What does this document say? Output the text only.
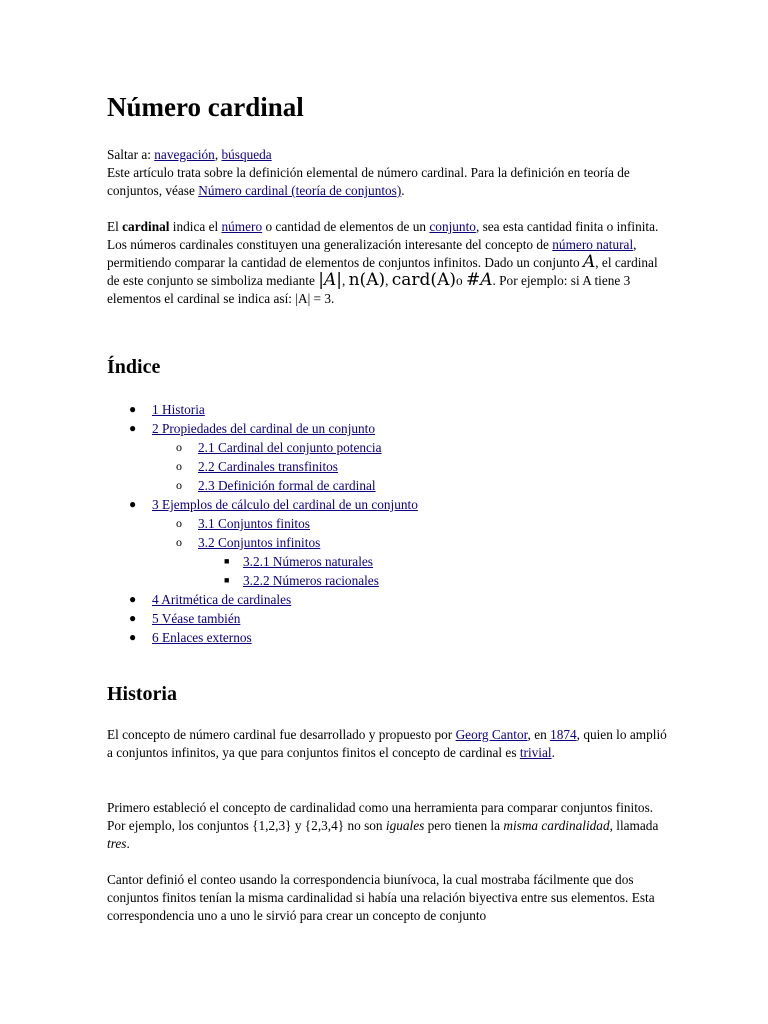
Número cardinal
Saltar a: navegación, búsqueda
Este artículo trata sobre la definición elemental de número cardinal. Para la definición en teoría de conjuntos, véase Número cardinal (teoría de conjuntos).
El cardinal indica el número o cantidad de elementos de un conjunto, sea esta cantidad finita o infinita. Los números cardinales constituyen una generalización interesante del concepto de número natural, permitiendo comparar la cantidad de elementos de conjuntos infinitos. Dado un conjunto A, el cardinal de este conjunto se simboliza mediante |A|, n(A), card(A)o #A. Por ejemplo: si A tiene 3 elementos el cardinal se indica así: |A| = 3.
Índice
● 1 Historia
● 2 Propiedades del cardinal de un conjunto
o 2.1 Cardinal del conjunto potencia
o 2.2 Cardinales transfinitos
o 2.3 Definición formal de cardinal
● 3 Ejemplos de cálculo del cardinal de un conjunto
o 3.1 Conjuntos finitos
o 3.2 Conjuntos infinitos
■ 3.2.1 Números naturales
■ 3.2.2 Números racionales
● 4 Aritmética de cardinales
● 5 Véase también
● 6 Enlaces externos
Historia
El concepto de número cardinal fue desarrollado y propuesto por Georg Cantor, en 1874, quien lo amplió a conjuntos infinitos, ya que para conjuntos finitos el concepto de cardinal es trivial.
Primero estableció el concepto de cardinalidad como una herramienta para comparar conjuntos finitos. Por ejemplo, los conjuntos {1,2,3} y {2,3,4} no son iguales pero tienen la misma cardinalidad, llamada tres.
Cantor definió el conteo usando la correspondencia biunívoca, la cual mostraba fácilmente que dos conjuntos finitos tenían la misma cardinalidad si había una relación biyectiva entre sus elementos. Esta correspondencia uno a uno le sirvió para crear un concepto de conjunto
